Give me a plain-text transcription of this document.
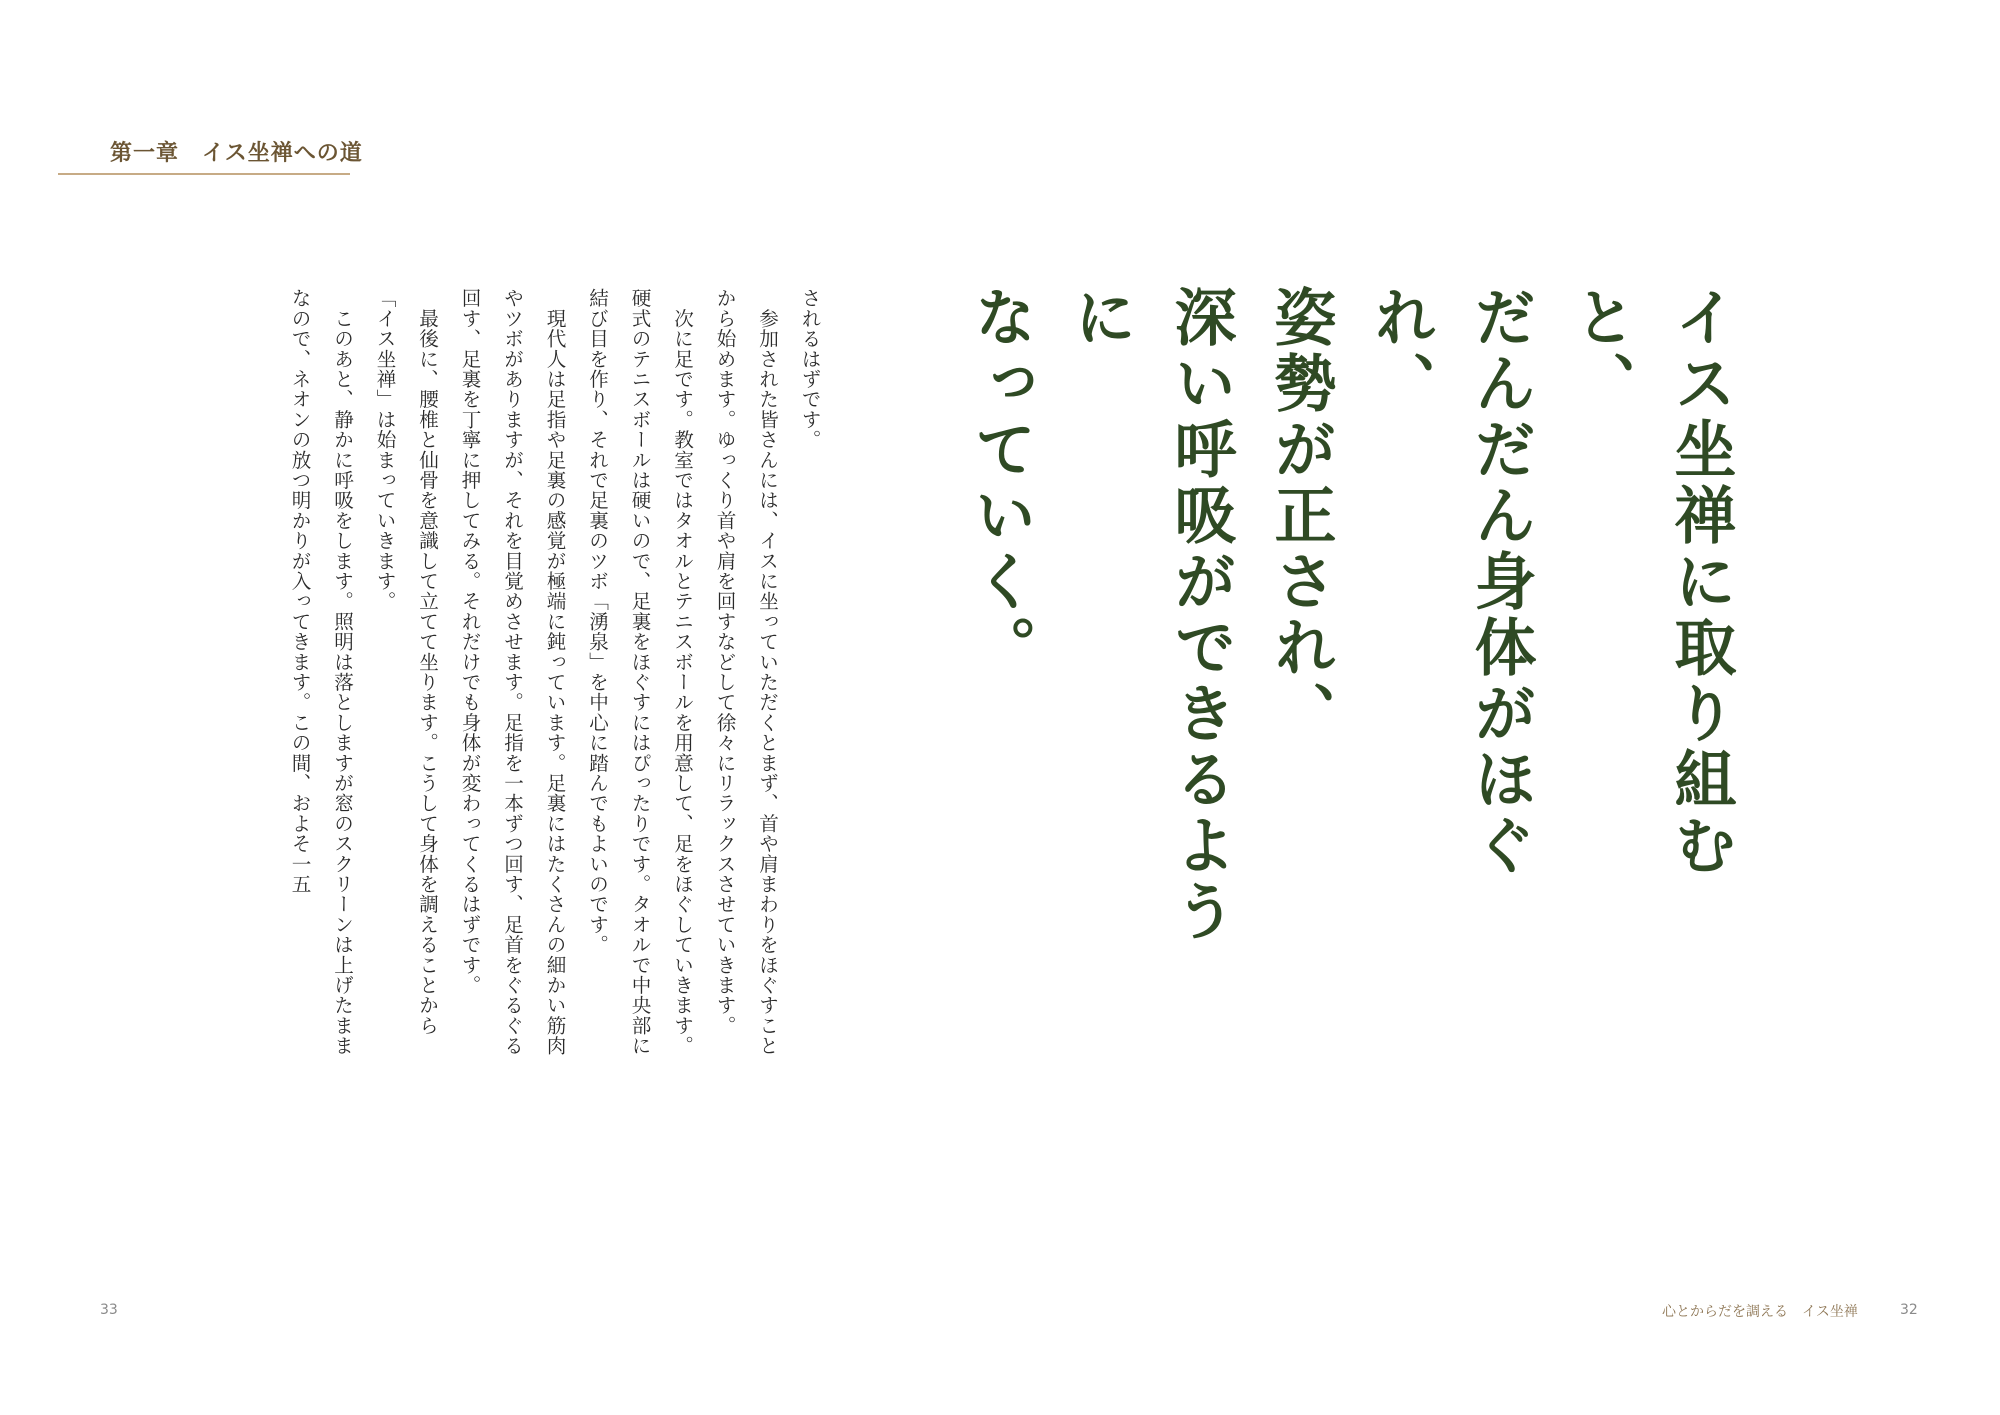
第一章　イス坐禅への道

されるはずです。

　参加された皆さんには、イスに坐っていただくとまず、首や肩まわりをほぐすことから始めます。ゆっくり首や肩を回すなどして徐々にリラックスさせていきます。

　次に足です。教室ではタオルとテニスボールを用意して、足をほぐしていきます。硬式のテニスボールは硬いので、足裏をほぐすにはぴったりです。タオルで中央部に結び目を作り、それで足裏のツボ「湧泉」を中心に踏んでもよいのです。

　現代人は足指や足裏の感覚が極端に鈍っています。足裏にはたくさんの細かい筋肉やツボがありますが、それを目覚めさせます。足指を一本ずつ回す、足首をぐるぐる回す、足裏を丁寧に押してみる。それだけでも身体が変わってくるはずです。

　最後に、腰椎と仙骨を意識して立てて坐ります。こうして身体を調えることから「イス坐禅」は始まっていきます。

　このあと、静かに呼吸をします。照明は落としますが窓のスクリーンは上げたままなので、ネオンの放つ明かりが入ってきます。この間、およそ一五	イス坐禅に取り組むと、
だんだん身体がほぐれ、
姿勢が正され、
深い呼吸ができるように
なっていく。
33	心とからだを調える　イス坐禅	32
